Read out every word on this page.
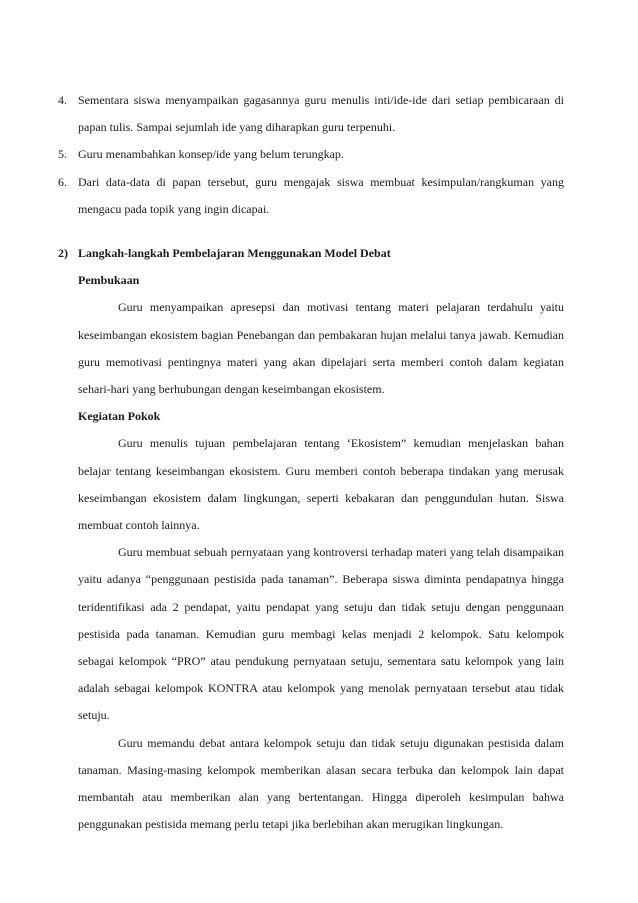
4. Sementara siswa menyampaikan gagasannya guru menulis inti/ide-ide dari setiap pembicaraan di papan tulis. Sampai sejumlah ide yang diharapkan guru terpenuhi.
5. Guru menambahkan konsep/ide yang belum terungkap.
6. Dari data-data di papan tersebut, guru mengajak siswa membuat kesimpulan/rangkuman yang mengacu pada topik yang ingin dicapai.
2) Langkah-langkah Pembelajaran Menggunakan Model Debat
Pembukaan
Guru menyampaikan apresepsi dan motivasi tentang materi pelajaran terdahulu yaitu keseimbangan ekosistem bagian Penebangan dan pembakaran hujan melalui tanya jawab. Kemudian guru memotivasi pentingnya materi yang akan dipelajari serta memberi contoh dalam kegiatan sehari-hari yang berhubungan dengan keseimbangan ekosistem.
Kegiatan Pokok
Guru menulis tujuan pembelajaran tentang ‘Ekosistem” kemudian menjelaskan bahan belajar tentang keseimbangan ekosistem. Guru memberi contoh beberapa tindakan yang merusak keseimbangan ekosistem dalam lingkungan, seperti kebakaran dan penggundulan hutan. Siswa membuat contoh lainnya.
Guru membuat sebuah pernyataan yang kontroversi terhadap materi yang telah disampaikan yaitu adanya “penggunaan pestisida pada tanaman”. Beberapa siswa diminta pendapatnya hingga teridentifikasi ada 2 pendapat, yaitu pendapat yang setuju dan tidak setuju dengan penggunaan pestisida pada tanaman. Kemudian guru membagi kelas menjadi 2 kelompok. Satu kelompok sebagai kelompok “PRO” atau pendukung pernyataan setuju, sementara satu kelompok yang lain adalah sebagai kelompok KONTRA atau kelompok yang menolak pernyataan tersebut atau tidak setuju.
Guru memandu debat antara kelompok setuju dan tidak setuju digunakan pestisida dalam tanaman. Masing-masing kelompok memberikan alasan secara terbuka dan kelompok lain dapat membantah atau memberikan alan yang bertentangan. Hingga diperoleh kesimpulan bahwa penggunakan pestisida memang perlu tetapi jika berlebihan akan merugikan lingkungan.
